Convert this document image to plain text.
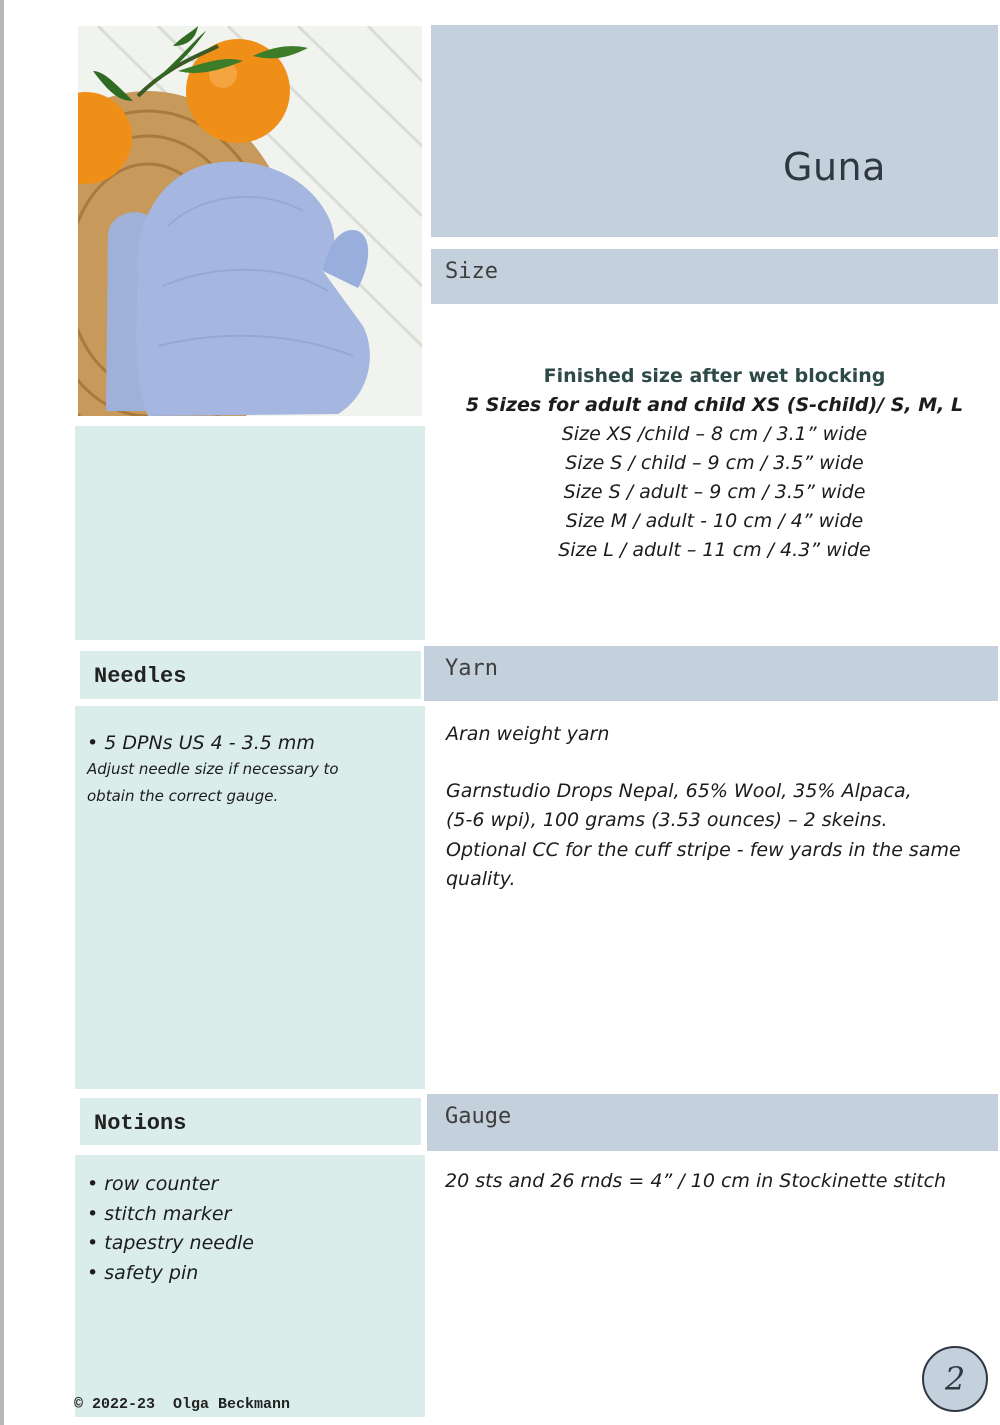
Guna
Size
Finished size after wet blocking
5 Sizes for adult and child XS (S-child)/ S, M, L
Size XS /child – 8 cm / 3.1” wide
Size S / child – 9 cm / 3.5” wide
Size S / adult – 9 cm / 3.5” wide
Size M / adult - 10 cm / 4” wide
Size L / adult – 11 cm / 4.3” wide
Needles	Yarn
• 5 DPNs US 4 - 3.5 mm
Adjust needle size if necessary to
obtain the correct gauge.
Aran weight yarn
Garnstudio Drops Nepal, 65% Wool, 35% Alpaca,
(5-6 wpi), 100 grams (3.53 ounces) – 2 skeins.
Optional CC for the cuff stripe - few yards in the same
quality.
Notions	Gauge
• row counter
• stitch marker
• tapestry needle
• safety pin
20 sts and 26 rnds = 4” / 10 cm in Stockinette stitch
© 2022-23  Olga Beckmann
2
